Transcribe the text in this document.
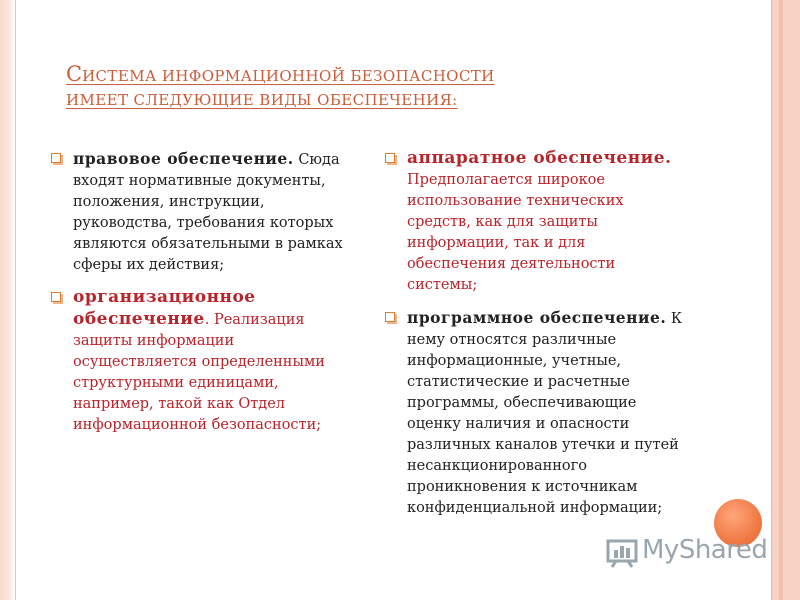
СИСТЕМА ИНФОРМАЦИОННОЙ БЕЗОПАСНОСТИ
ИМЕЕТ СЛЕДУЮЩИЕ ВИДЫ ОБЕСПЕЧЕНИЯ:
правовое обеспечение. Сюда входят нормативные документы, положения, инструкции, руководства, требования которых являются обязательными в рамках сферы их действия;
организационное обеспечение. Реализация защиты информации осуществляется определенными структурными единицами, например, такой как Отдел информационной безопасности;
аппаратное обеспечение. Предполагается широкое использование технических средств, как для защиты информации, так и для обеспечения деятельности системы;
программное обеспечение. К нему относятся различные информационные, учетные, статистические и расчетные программы, обеспечивающие оценку наличия и опасности различных каналов утечки и путей несанкционированного проникновения к источникам конфиденциальной информации;
MyShared
